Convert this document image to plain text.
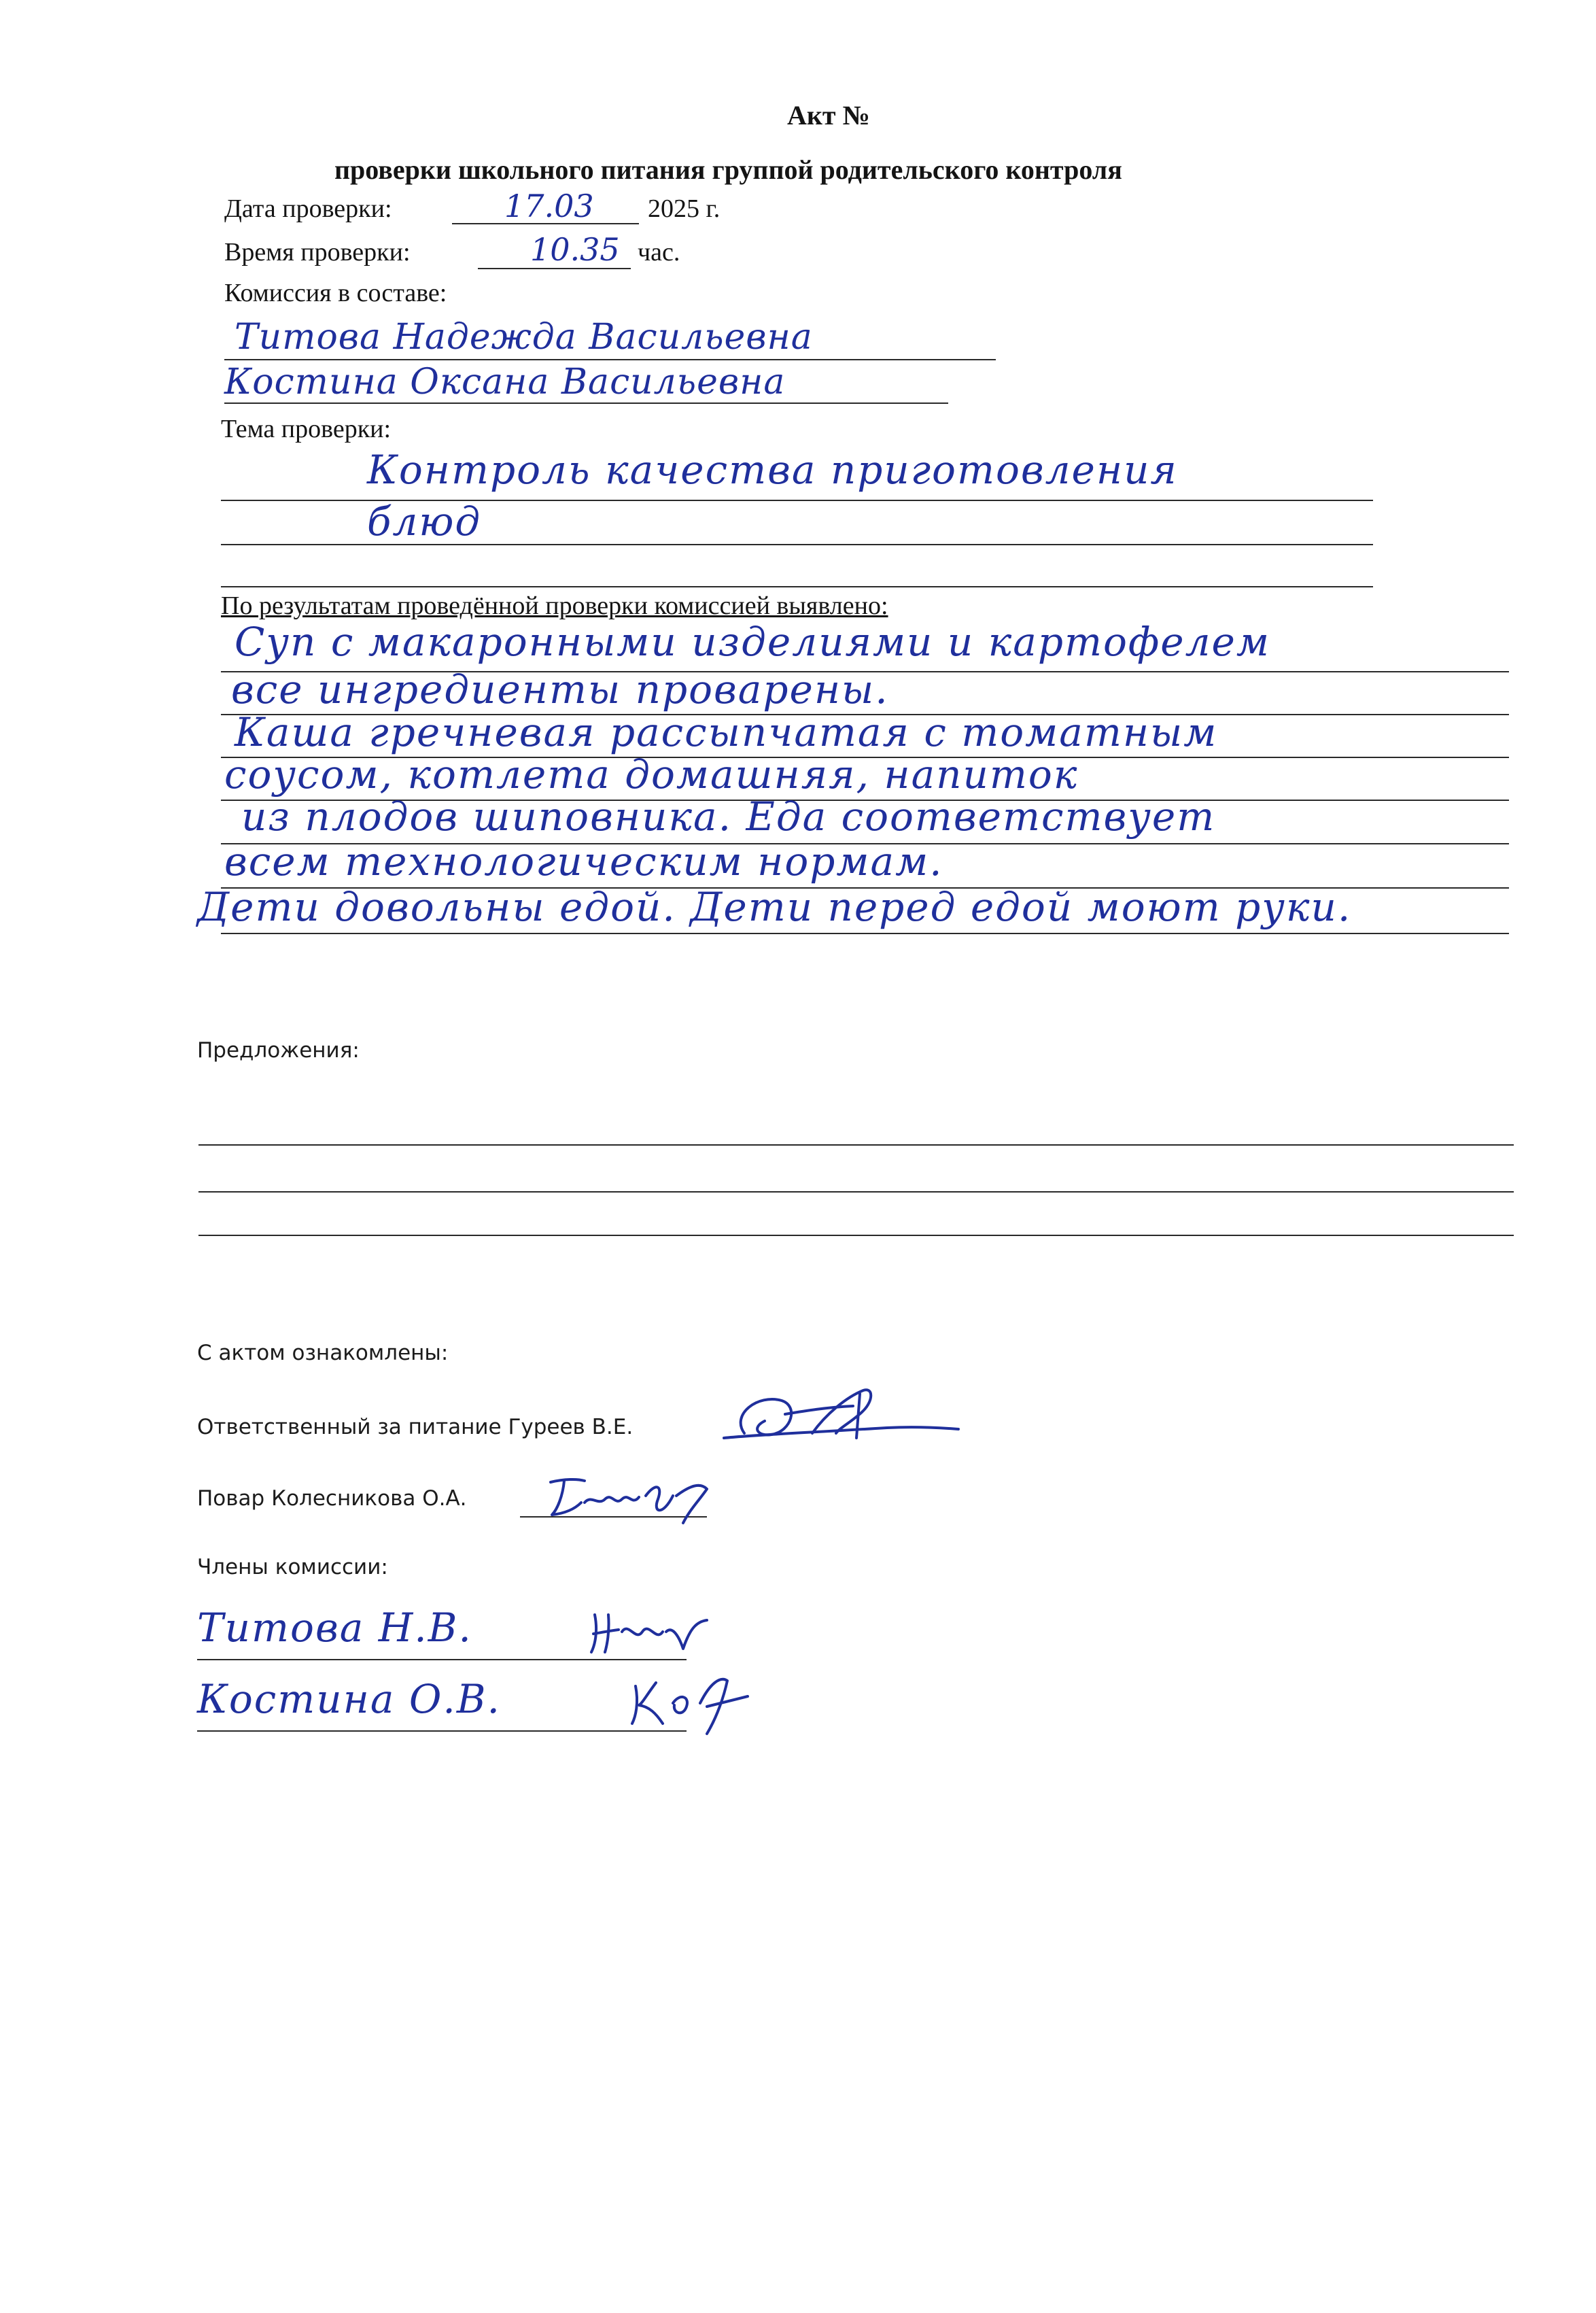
Акт №
проверки школьного питания группой родительского контроля
Дата проверки:	17.03 2025 г.
Время проверки:	10.35 час.
Комиссия в составе:
Титова Надежда Васильевна
Костина Оксана Васильевна
Тема проверки:
Контроль качества приготовления
блюд
По результатам проведённой проверки комиссией выявлено:
Суп с макаронными изделиями и картофелем
все ингредиенты проварены.
Каша гречневая рассыпчатая с томатным
соусом, котлета домашняя, напиток
из плодов шиповника. Еда соответствует
всем технологическим нормам.
Дети довольны едой. Дети перед едой моют руки.
Предложения:
С актом ознакомлены:
Ответственный за питание Гуреев В.Е.
Повар Колесникова О.А.
Члены комиссии:
Титова Н.В.
Костина О.В.
